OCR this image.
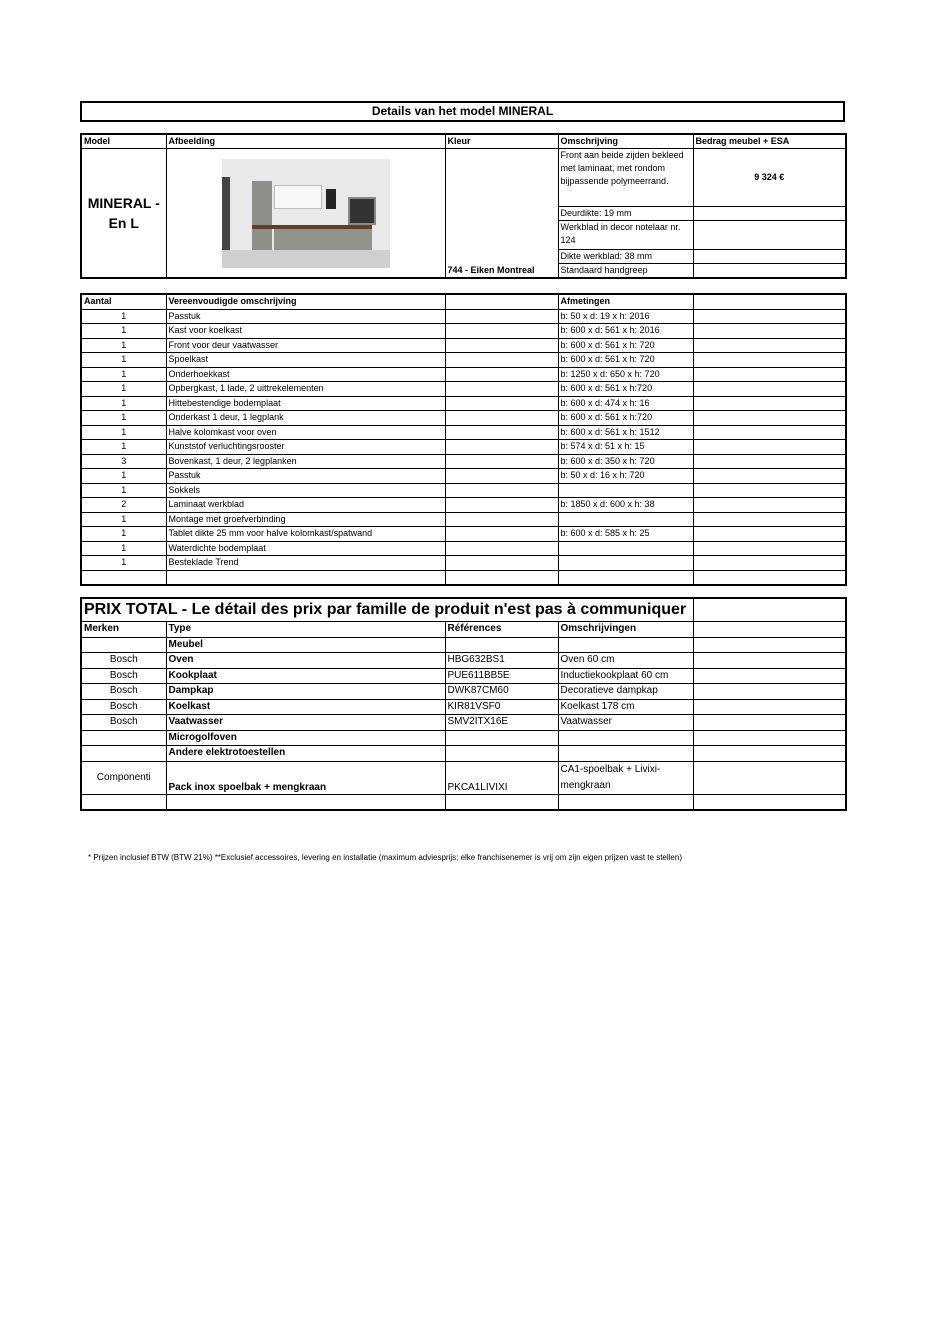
Details van het model MINERAL
Model	Afbeelding	Kleur	Omschrijving	Bedrag meubel + ESA
MINERAL - En L		744 - Eiken Montreal	Front aan beide zijden bekleed met laminaat, met rondom bijpassende polymeerrand.	9 324 €
			Deurdikte: 19 mm	
			Werkblad in decor notelaar nr. 124	
			Dikte werkblad: 38 mm	
			Standaard handgreep	
Aantal	Vereenvoudigde omschrijving		Afmetingen	
1	Passtuk		b: 50 x d: 19 x h: 2016	
1	Kast voor koelkast		b: 600 x d: 561 x h: 2016	
1	Front voor deur vaatwasser		b: 600 x d: 561 x h: 720	
1	Spoelkast		b: 600 x d: 561 x h: 720	
1	Onderhoekkast		b: 1250 x d: 650 x h: 720	
1	Opbergkast, 1 lade, 2 uittrekelementen		b: 600 x d: 561 x h:720	
1	Hittebestendige bodemplaat		b: 600 x d: 474 x h: 16	
1	Onderkast 1 deur, 1 legplank		b: 600 x d: 561 x h:720	
1	Halve kolomkast voor oven		b: 600 x d: 561 x h: 1512	
1	Kunststof verluchtingsrooster		b: 574 x d: 51 x h: 15	
3	Bovenkast, 1 deur, 2 legplanken		b: 600 x d: 350 x h: 720	
1	Passtuk		b: 50 x d: 16 x h: 720	
1	Sokkels			
2	Laminaat werkblad		b: 1850 x d: 600 x h: 38	
1	Montage met groefverbinding			
1	Tablet dikte 25 mm voor halve kolomkast/spatwand		b: 600 x d: 585 x h: 25	
1	Waterdichte bodemplaat			
1	Besteklade Trend			

PRIX TOTAL - Le détail des prix par famille de produit n'est pas à communiquer				
Merken	Type	Références	Omschrijvingen	
	Meubel			
Bosch	Oven	HBG632BS1	Oven 60 cm	
Bosch	Kookplaat	PUE611BB5E	Inductiekookplaat 60 cm	
Bosch	Dampkap	DWK87CM60	Decoratieve dampkap	
Bosch	Koelkast	KIR81VSF0	Koelkast 178 cm	
Bosch	Vaatwasser	SMV2ITX16E	Vaatwasser	
	Microgolfoven			
	Andere elektrotoestellen			
Componenti	Pack inox spoelbak + mengkraan	PKCA1LIVIXI	CA1-spoelbak + Livixi-mengkraan	

* Prijzen inclusief BTW (BTW 21%) **Exclusief accessoires, levering en installatie (maximum adviesprijs; elke franchisenemer is vrij om zijn eigen prijzen vast te stellen)
